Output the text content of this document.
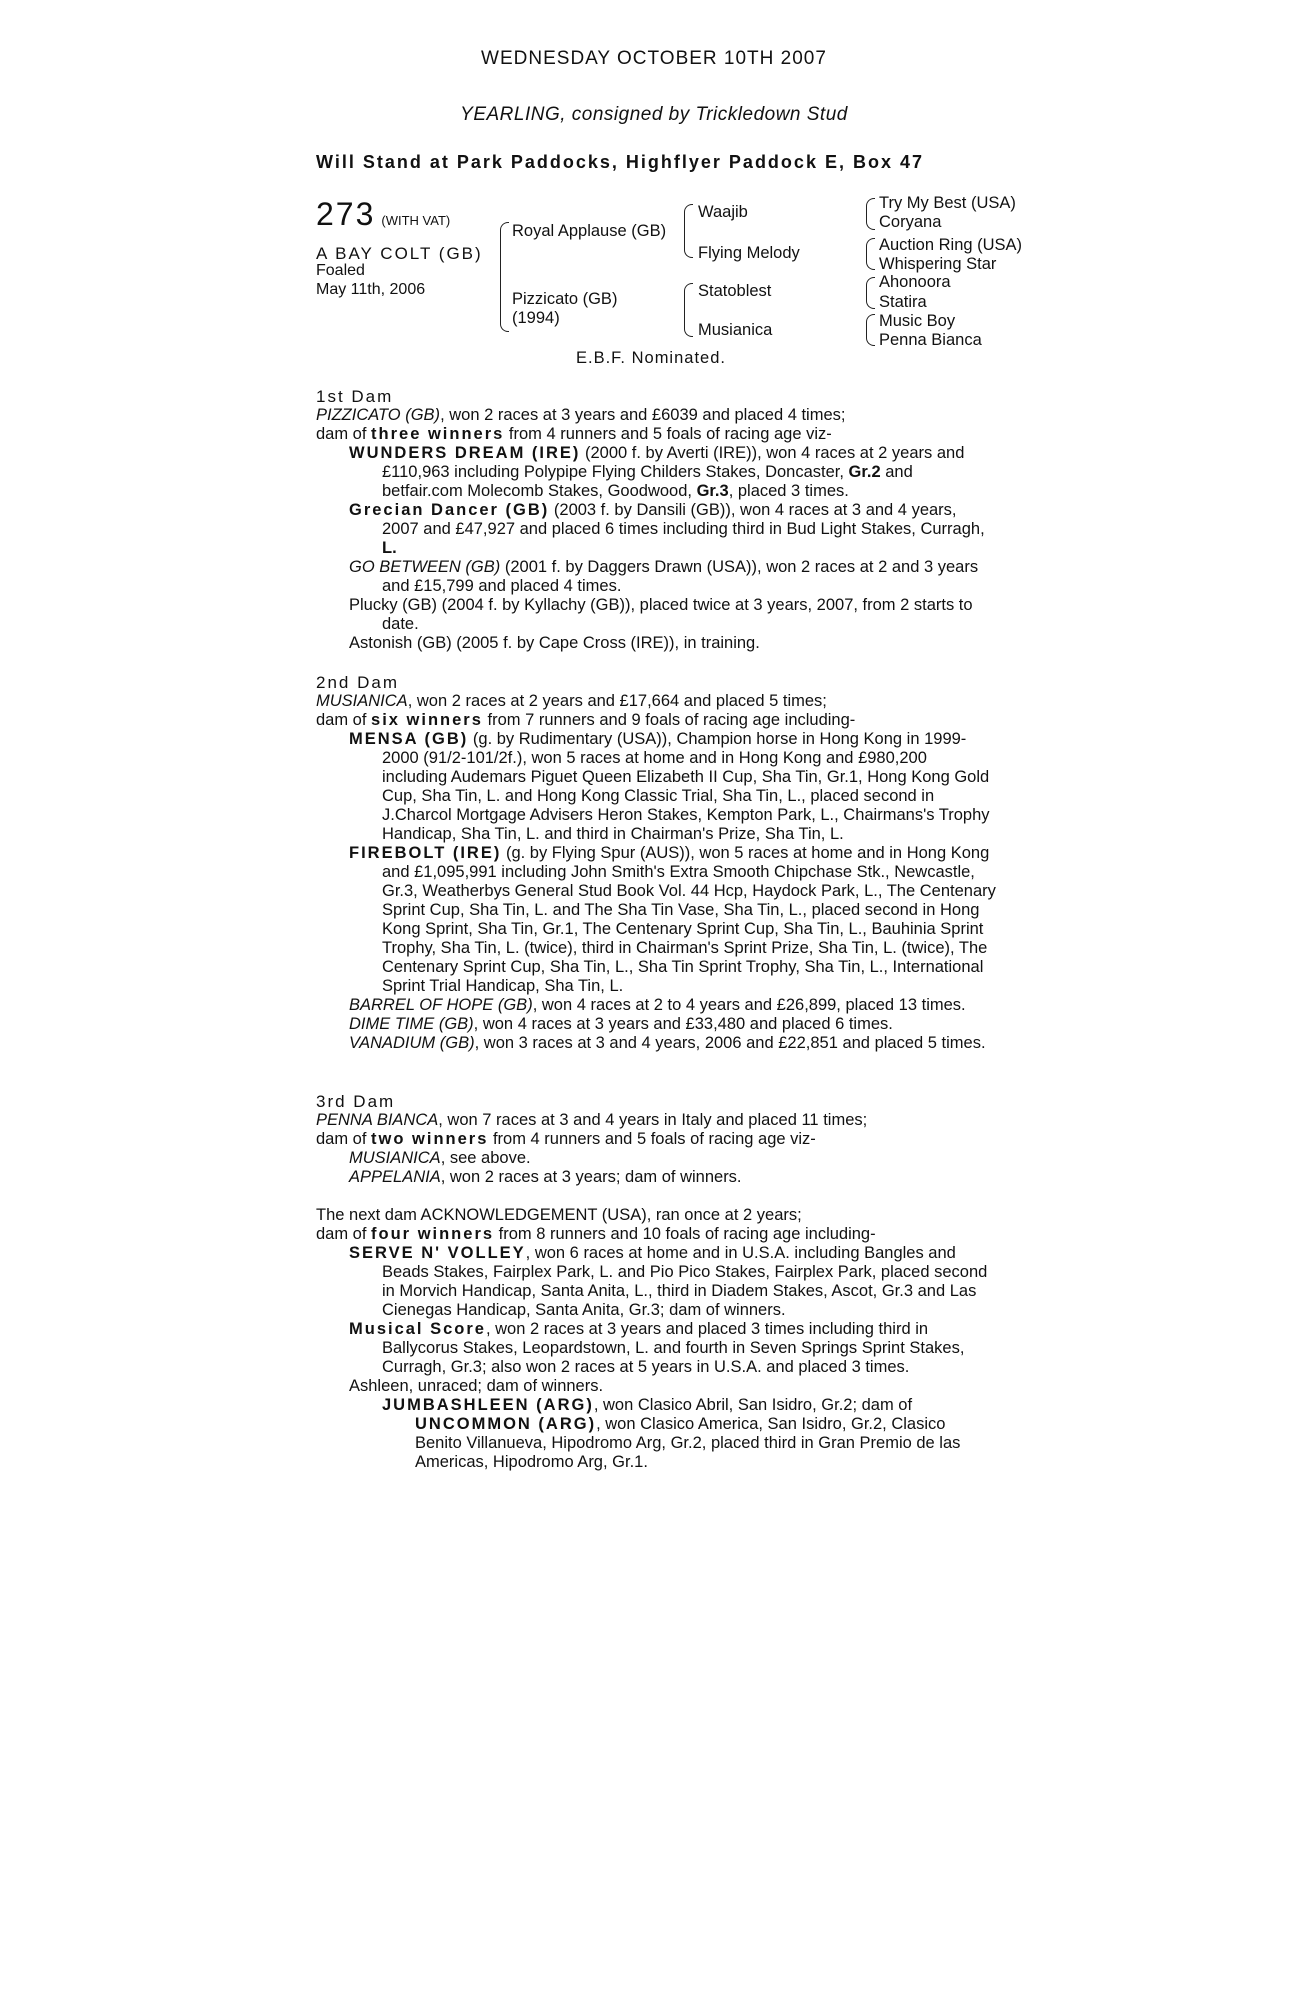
WEDNESDAY OCTOBER 10TH 2007
YEARLING, consigned by Trickledown Stud
Will Stand at Park Paddocks, Highflyer Paddock E, Box 47
273 (WITH VAT)
A BAY COLT (GB)
Foaled
May 11th, 2006
Royal Applause (GB)
Pizzicato (GB)
(1994)
Waajib
Flying Melody
Statoblest
Musianica
Try My Best (USA)
Coryana
Auction Ring (USA)
Whispering Star
Ahonoora
Statira
Music Boy
Penna Bianca
E.B.F. Nominated.

1st Dam

PIZZICATO (GB), won 2 races at 3 years and £6039 and placed 4 times;

dam of three winners from 4 runners and 5 foals of racing age viz-

WUNDERS DREAM (IRE) (2000 f. by Averti (IRE)), won 4 races at 2 years and £110,963 including Polypipe Flying Childers Stakes, Doncaster, Gr.2 and betfair.com Molecomb Stakes, Goodwood, Gr.3, placed 3 times.

Grecian Dancer (GB) (2003 f. by Dansili (GB)), won 4 races at 3 and 4 years, 2007 and £47,927 and placed 6 times including third in Bud Light Stakes, Curragh, L.

GO BETWEEN (GB) (2001 f. by Daggers Drawn (USA)), won 2 races at 2 and 3 years and £15,799 and placed 4 times.

Plucky (GB) (2004 f. by Kyllachy (GB)), placed twice at 3 years, 2007, from 2 starts to date.

Astonish (GB) (2005 f. by Cape Cross (IRE)), in training.

2nd Dam

MUSIANICA, won 2 races at 2 years and £17,664 and placed 5 times;

dam of six winners from 7 runners and 9 foals of racing age including-

MENSA (GB) (g. by Rudimentary (USA)), Champion horse in Hong Kong in 1999-2000 (91/2-101/2f.), won 5 races at home and in Hong Kong and £980,200 including Audemars Piguet Queen Elizabeth II Cup, Sha Tin, Gr.1, Hong Kong Gold Cup, Sha Tin, L. and Hong Kong Classic Trial, Sha Tin, L., placed second in J.Charcol Mortgage Advisers Heron Stakes, Kempton Park, L., Chairmans's Trophy Handicap, Sha Tin, L. and third in Chairman's Prize, Sha Tin, L.

FIREBOLT (IRE) (g. by Flying Spur (AUS)), won 5 races at home and in Hong Kong and £1,095,991 including John Smith's Extra Smooth Chipchase Stk., Newcastle, Gr.3, Weatherbys General Stud Book Vol. 44 Hcp, Haydock Park, L., The Centenary Sprint Cup, Sha Tin, L. and The Sha Tin Vase, Sha Tin, L., placed second in Hong Kong Sprint, Sha Tin, Gr.1, The Centenary Sprint Cup, Sha Tin, L., Bauhinia Sprint Trophy, Sha Tin, L. (twice), third in Chairman's Sprint Prize, Sha Tin, L. (twice), The Centenary Sprint Cup, Sha Tin, L., Sha Tin Sprint Trophy, Sha Tin, L., International Sprint Trial Handicap, Sha Tin, L.

BARREL OF HOPE (GB), won 4 races at 2 to 4 years and £26,899, placed 13 times.

DIME TIME (GB), won 4 races at 3 years and £33,480 and placed 6 times.

VANADIUM (GB), won 3 races at 3 and 4 years, 2006 and £22,851 and placed 5 times.

3rd Dam

PENNA BIANCA, won 7 races at 3 and 4 years in Italy and placed 11 times;

dam of two winners from 4 runners and 5 foals of racing age viz-

MUSIANICA, see above.

APPELANIA, won 2 races at 3 years; dam of winners.

The next dam ACKNOWLEDGEMENT (USA), ran once at 2 years;

dam of four winners from 8 runners and 10 foals of racing age including-

SERVE N' VOLLEY, won 6 races at home and in U.S.A. including Bangles and Beads Stakes, Fairplex Park, L. and Pio Pico Stakes, Fairplex Park, placed second in Morvich Handicap, Santa Anita, L., third in Diadem Stakes, Ascot, Gr.3 and Las Cienegas Handicap, Santa Anita, Gr.3; dam of winners.

Musical Score, won 2 races at 3 years and placed 3 times including third in Ballycorus Stakes, Leopardstown, L. and fourth in Seven Springs Sprint Stakes, Curragh, Gr.3; also won 2 races at 5 years in U.S.A. and placed 3 times.

Ashleen, unraced; dam of winners.

JUMBASHLEEN (ARG), won Clasico Abril, San Isidro, Gr.2; dam of UNCOMMON (ARG), won Clasico America, San Isidro, Gr.2, Clasico Benito Villanueva, Hipodromo Arg, Gr.2, placed third in Gran Premio de las Americas, Hipodromo Arg, Gr.1.
